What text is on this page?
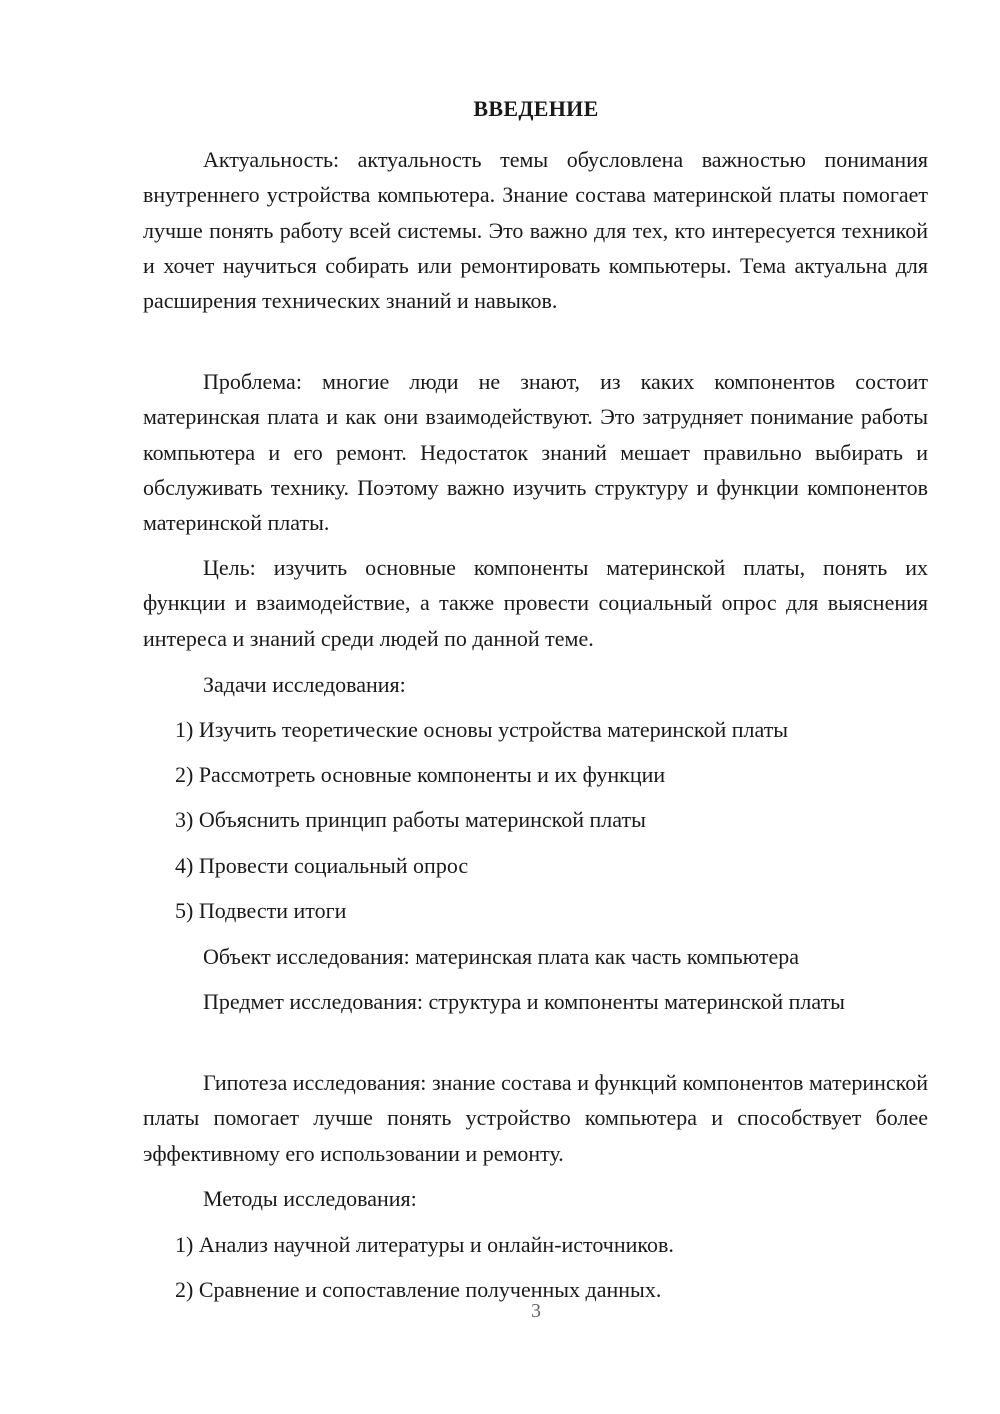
ВВЕДЕНИЕ
Актуальность: актуальность темы обусловлена важностью понимания внутреннего устройства компьютера. Знание состава материнской платы помогает лучше понять работу всей системы. Это важно для тех, кто интересуется техникой и хочет научиться собирать или ремонтировать компьютеры. Тема актуальна для расширения технических знаний и навыков.
Проблема: многие люди не знают, из каких компонентов состоит материнская плата и как они взаимодействуют. Это затрудняет понимание работы компьютера и его ремонт. Недостаток знаний мешает правильно выбирать и обслуживать технику. Поэтому важно изучить структуру и функции компонентов материнской платы.
Цель: изучить основные компоненты материнской платы, понять их функции и взаимодействие, а также провести социальный опрос для выяснения интереса и знаний среди людей по данной теме.
Задачи исследования:
1) Изучить теоретические основы устройства материнской платы
2) Рассмотреть основные компоненты и их функции
3) Объяснить принцип работы материнской платы
4) Провести социальный опрос
5) Подвести итоги
Объект исследования: материнская плата как часть компьютера
Предмет исследования: структура и компоненты материнской платы
Гипотеза исследования: знание состава и функций компонентов материнской платы помогает лучше понять устройство компьютера и способствует более эффективному его использовании и ремонту.
Методы исследования:
1) Анализ научной литературы и онлайн-источников.
2) Сравнение и сопоставление полученных данных.
3
